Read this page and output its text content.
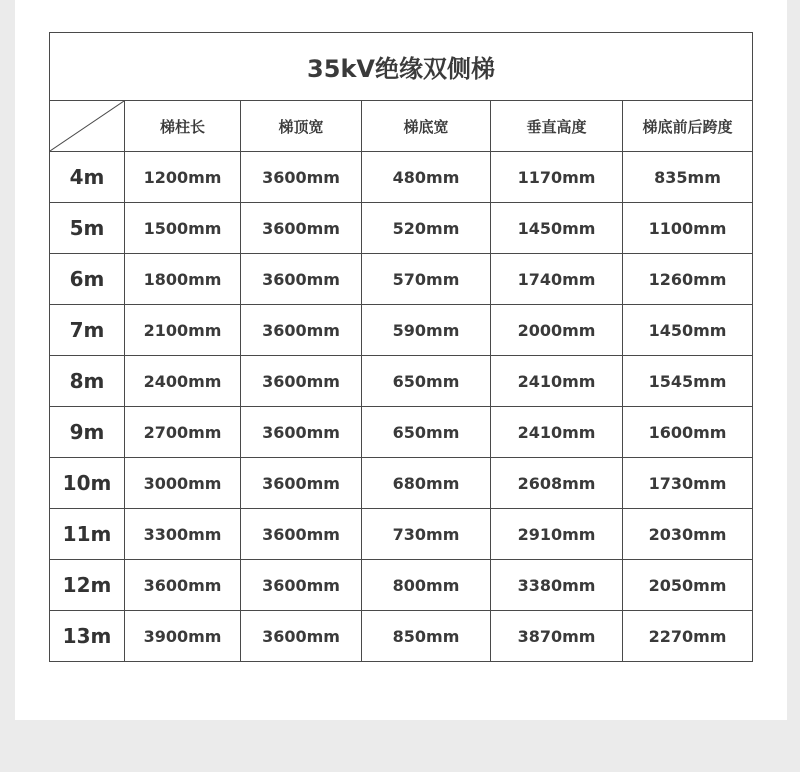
35kV绝缘双侧梯					

	梯柱长	梯顶宽	梯底宽	垂直高度	梯底前后跨度
4m	1200mm	3600mm	480mm	1170mm	835mm
5m	1500mm	3600mm	520mm	1450mm	1100mm
6m	1800mm	3600mm	570mm	1740mm	1260mm
7m	2100mm	3600mm	590mm	2000mm	1450mm
8m	2400mm	3600mm	650mm	2410mm	1545mm
9m	2700mm	3600mm	650mm	2410mm	1600mm
10m	3000mm	3600mm	680mm	2608mm	1730mm
11m	3300mm	3600mm	730mm	2910mm	2030mm
12m	3600mm	3600mm	800mm	3380mm	2050mm
13m	3900mm	3600mm	850mm	3870mm	2270mm
